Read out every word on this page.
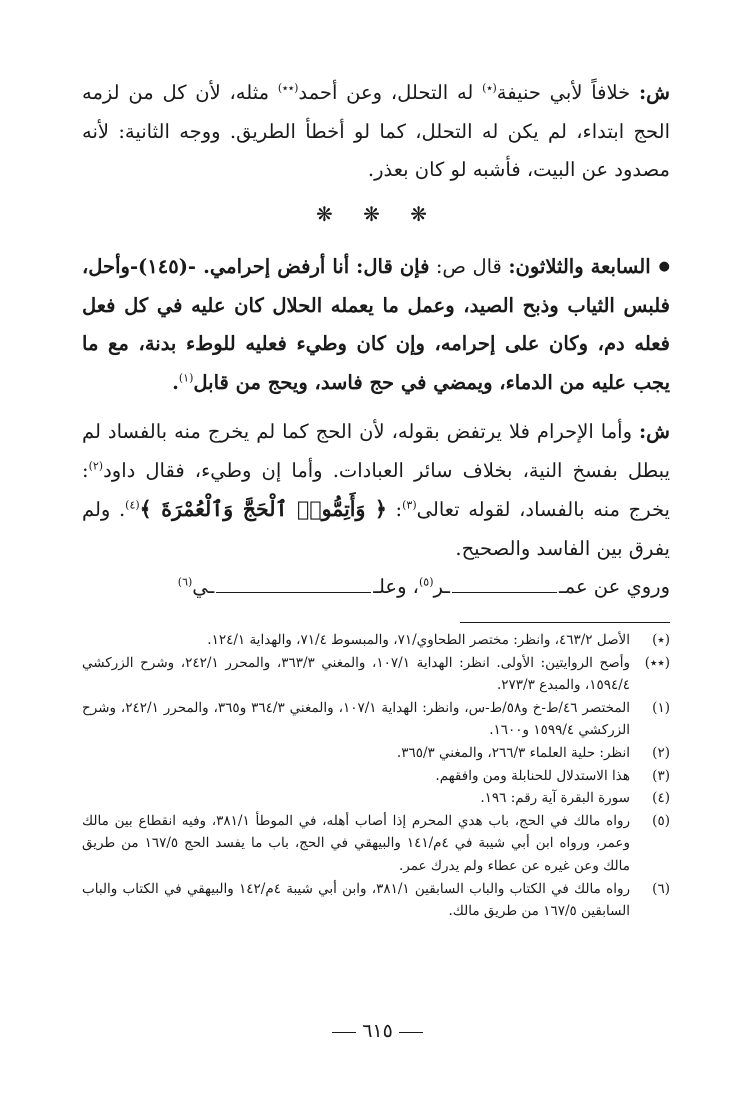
ش: خلافاً لأبي حنيفة(٭) له التحلل، وعن أحمد(٭٭) مثله، لأن كل من لزمه الحج ابتداء، لم يكن له التحلل، كما لو أخطأ الطريق. ووجه الثانية: لأنه مصدود عن البيت، فأشبه لو كان بعذر.
❋ ❋ ❋
●السابعة والثلاثون: قال ص: فإن قال: أنا أرفض إحرامي. -(١٤٥)-وأحل، فلبس الثياب وذبح الصيد، وعمل ما يعمله الحلال كان عليه في كل فعل فعله دم، وكان على إحرامه، وإن كان وطيء فعليه للوطء بدنة، مع ما يجب عليه من الدماء، ويمضي في حج فاسد، ويحج من قابل$^{(١)}$.
ش: وأما الإحرام فلا يرتفض بقوله، لأن الحج كما لم يخرج منه بالفساد لم يبطل بفسخ النية، بخلاف سائر العبادات. وأما إن وطيء، فقال داود$^{(٢)}$: يخرج منه بالفساد، لقوله تعالى$^{(٣)}$: ﴿ وَأَتِمُّوا۟ ٱلْحَجَّ وَٱلْعُمْرَةَ ﴾$^{(٤)}$. ولم يفرق بين الفاسد والصحيح.
وروي عن عمــر$^{(٥)}$، وعلــي$^{(٦)}$
(٭)
الأصل ٤٦٣/٢، وانظر: مختصر الطحاوي/٧١، والمبسوط ٧١/٤، والهداية ١٢٤/١.
(٭٭)
وأصح الروايتين: الأولى. انظر: الهداية ١٠٧/١، والمغني ٣٦٣/٣، والمحرر ٢٤٢/١، وشرح الزركشي ١٥٩٤/٤، والمبدع ٢٧٣/٣.
(١)
المختصر ٤٦/ط-خ و٥٨/ط-س، وانظر: الهداية ١٠٧/١، والمغني ٣٦٤/٣ و٣٦٥، والمحرر ٢٤٢/١، وشرح الزركشي ١٥٩٩/٤ و١٦٠٠.
(٢)
انظر: حلية العلماء ٢٦٦/٣، والمغني ٣٦٥/٣.
(٣)
هذا الاستدلال للحنابلة ومن وافقهم.
(٤)
سورة البقرة آية رقم: ١٩٦.
(٥)
رواه مالك في الحج، باب هدي المحرم إذا أصاب أهله، في الموطأ ٣٨١/١، وفيه انقطاع بين مالك وعمر، ورواه ابن أبي شيبة في ٤م/١٤١ والبيهقي في الحج، باب ما يفسد الحج ١٦٧/٥ من طريق مالك وعن غيره عن عطاء ولم يدرك عمر.
(٦)
رواه مالك في الكتاب والباب السابقين ٣٨١/١، وابن أبي شيبة ٤م/١٤٢ والبيهقي في الكتاب والباب السابقين ١٦٧/٥ من طريق مالك.
٦١٥
